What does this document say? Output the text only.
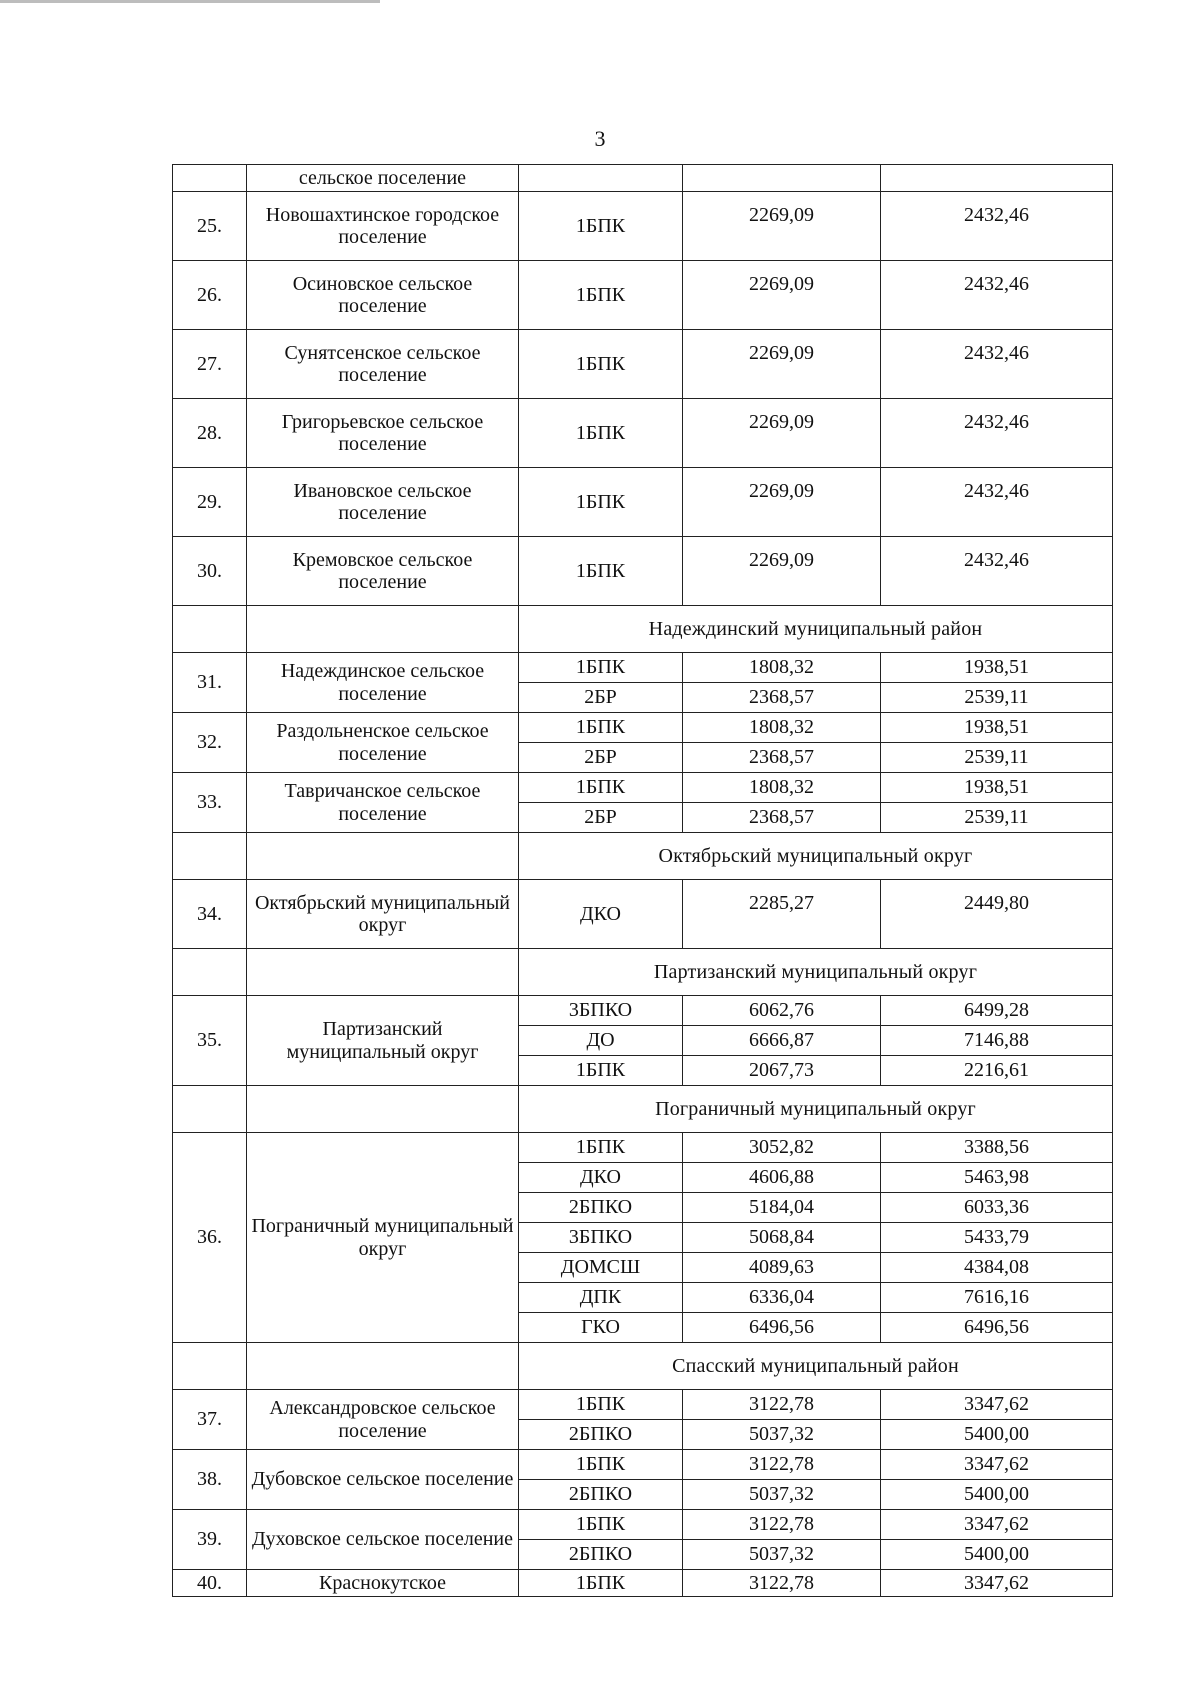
3
	сельское поселение			
25.	Новошахтинское городское поселение	1БПК	2269,09	2432,46
26.	Осиновское сельское поселение	1БПК	2269,09	2432,46
27.	Сунятсенское сельское поселение	1БПК	2269,09	2432,46
28.	Григорьевское сельское поселение	1БПК	2269,09	2432,46
29.	Ивановское сельское поселение	1БПК	2269,09	2432,46
30.	Кремовское сельское поселение	1БПК	2269,09	2432,46
		Надеждинский муниципальный район		
31.	Надеждинское сельское поселение	1БПК	1808,32	1938,51
		2БР	2368,57	2539,11
32.	Раздольненское сельское поселение	1БПК	1808,32	1938,51
		2БР	2368,57	2539,11
33.	Тавричанское сельское поселение	1БПК	1808,32	1938,51
		2БР	2368,57	2539,11
		Октябрьский муниципальный округ		
34.	Октябрьский муниципальный округ	ДКО	2285,27	2449,80
		Партизанский муниципальный округ		
35.	Партизанский муниципальный округ	3БПКО	6062,76	6499,28
		ДО	6666,87	7146,88
		1БПК	2067,73	2216,61
		Пограничный муниципальный округ		
36.	Пограничный муниципальный округ	1БПК	3052,82	3388,56
		ДКО	4606,88	5463,98
		2БПКО	5184,04	6033,36
		3БПКО	5068,84	5433,79
		ДОМСШ	4089,63	4384,08
		ДПК	6336,04	7616,16
		ГКО	6496,56	6496,56
		Спасский муниципальный район		
37.	Александровское сельское поселение	1БПК	3122,78	3347,62
		2БПКО	5037,32	5400,00
38.	Дубовское сельское поселение	1БПК	3122,78	3347,62
		2БПКО	5037,32	5400,00
39.	Духовское сельское поселение	1БПК	3122,78	3347,62
		2БПКО	5037,32	5400,00
40.	Краснокутское	1БПК	3122,78	3347,62
